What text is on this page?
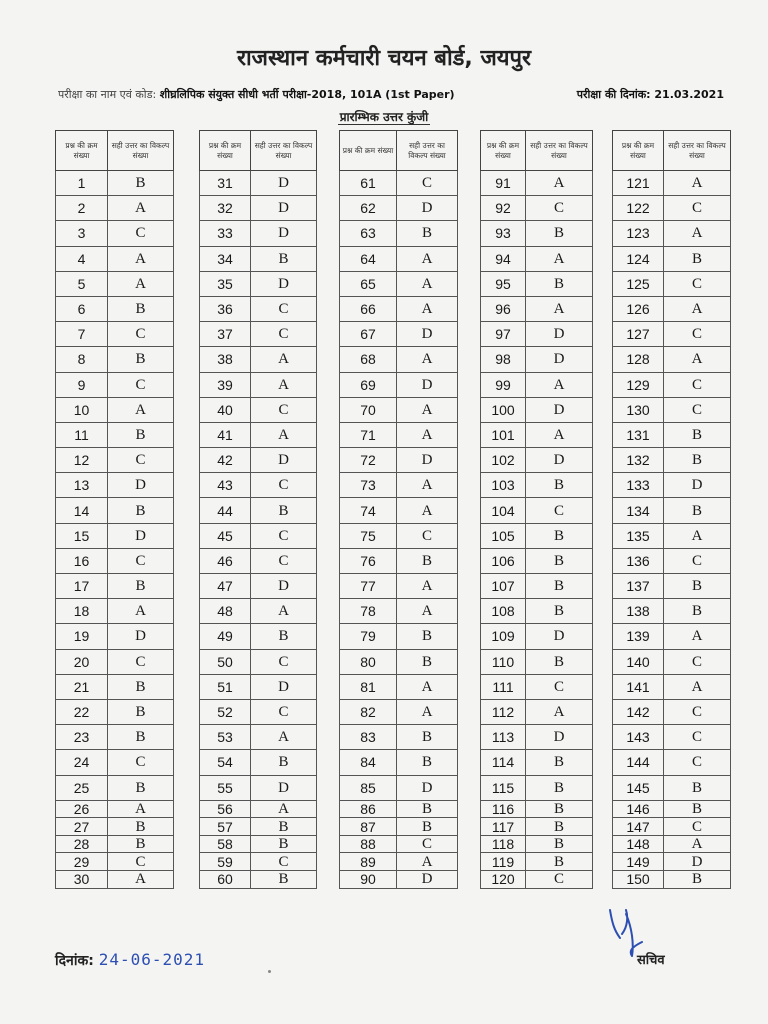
राजस्थान कर्मचारी चयन बोर्ड, जयपुर
परीक्षा का नाम एवं कोड: शीघ्रलिपिक संयुक्त सीधी भर्ती परीक्षा-2018, 101A (1st Paper)	परीक्षा की दिनांक: 21.03.2021
प्रारम्भिक उत्तर कुंजी
प्रश्न की क्रम संख्या	सही उत्तर का विकल्प संख्या
1	B
2	A
3	C
4	A
5	A
6	B
7	C
8	B
9	C
10	A
11	B
12	C
13	D
14	B
15	D
16	C
17	B
18	A
19	D
20	C
21	B
22	B
23	B
24	C
25	B
26	A
27	B
28	B
29	C
30	A
प्रश्न की क्रम संख्या	सही उत्तर का विकल्प संख्या
31	D
32	D
33	D
34	B
35	D
36	C
37	C
38	A
39	A
40	C
41	A
42	D
43	C
44	B
45	C
46	C
47	D
48	A
49	B
50	C
51	D
52	C
53	A
54	B
55	D
56	A
57	B
58	B
59	C
60	B
प्रश्न की क्रम संख्या	सही उत्तर का विकल्प संख्या
61	C
62	D
63	B
64	A
65	A
66	A
67	D
68	A
69	D
70	A
71	A
72	D
73	A
74	A
75	C
76	B
77	A
78	A
79	B
80	B
81	A
82	A
83	B
84	B
85	D
86	B
87	B
88	C
89	A
90	D
प्रश्न की क्रम संख्या	सही उत्तर का विकल्प संख्या
91	A
92	C
93	B
94	A
95	B
96	A
97	D
98	D
99	A
100	D
101	A
102	D
103	B
104	C
105	B
106	B
107	B
108	B
109	D
110	B
111	C
112	A
113	D
114	B
115	B
116	B
117	B
118	B
119	B
120	C
प्रश्न की क्रम संख्या	सही उत्तर का विकल्प संख्या
121	A
122	C
123	A
124	B
125	C
126	A
127	C
128	A
129	C
130	C
131	B
132	B
133	D
134	B
135	A
136	C
137	B
138	B
139	A
140	C
141	A
142	C
143	C
144	C
145	B
146	B
147	C
148	A
149	D
150	B
दिनांक: 24-06-2021	सचिव
